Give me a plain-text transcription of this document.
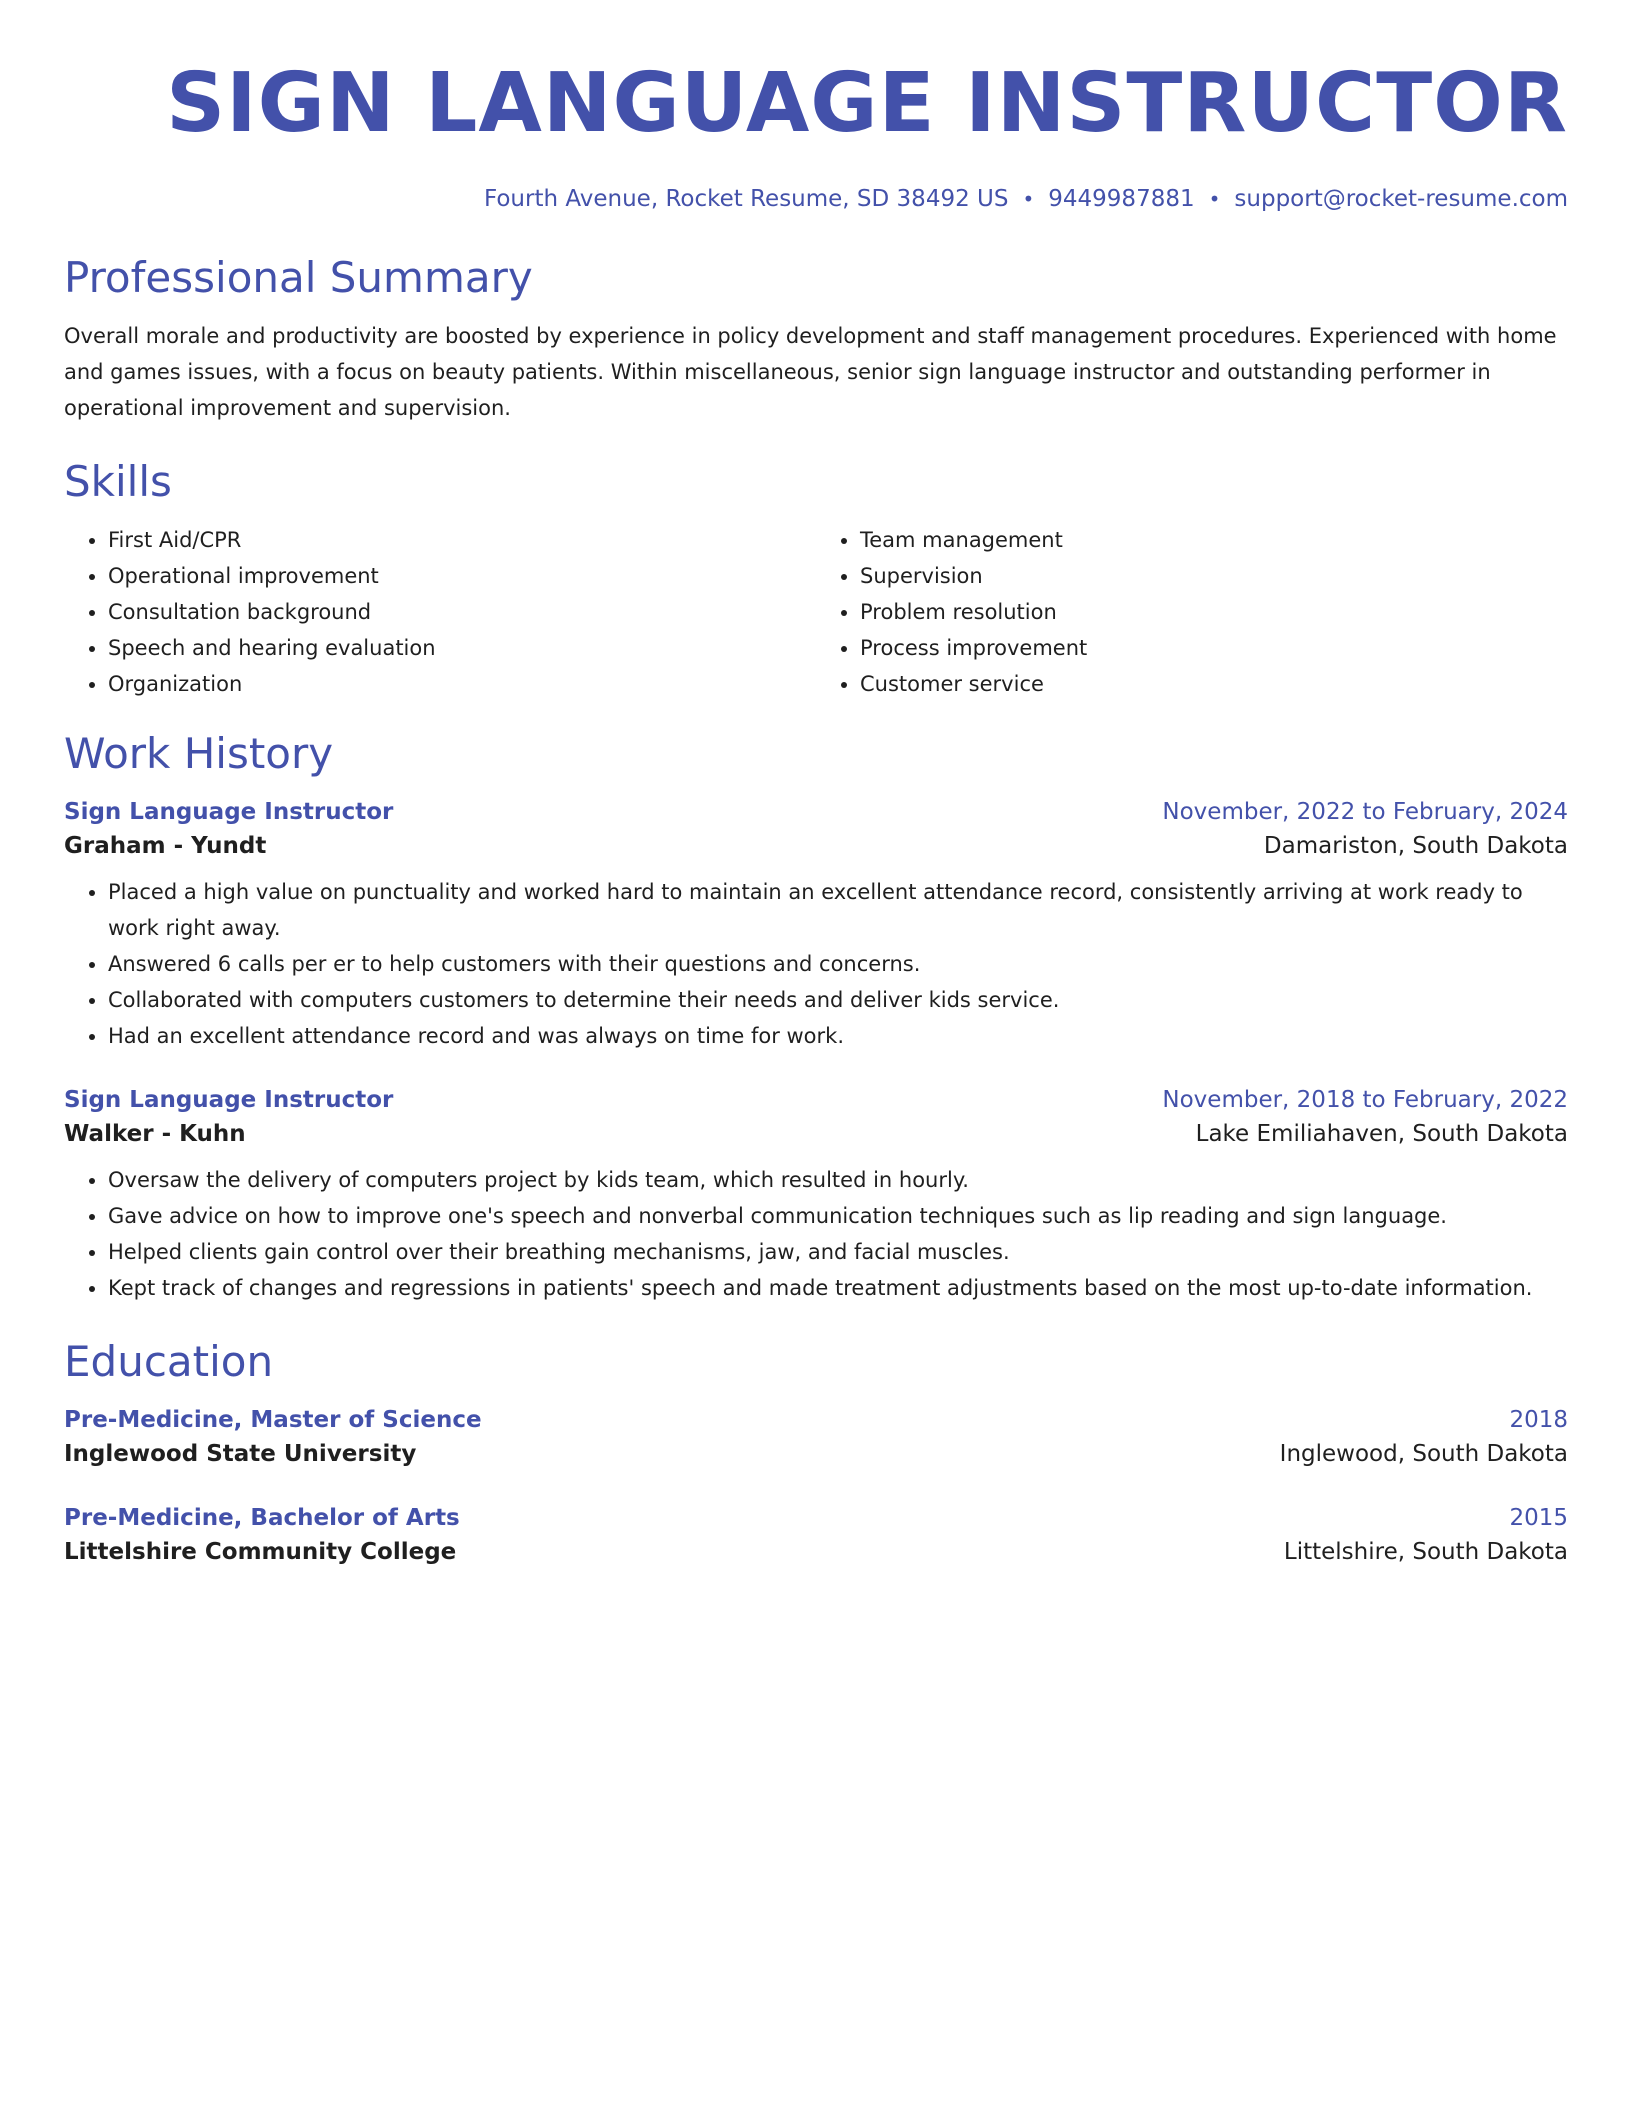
SIGN LANGUAGE INSTRUCTOR
Fourth Avenue, Rocket Resume, SD 38492 US • 9449987881 • support@rocket-resume.com
Professional Summary
Overall morale and productivity are boosted by experience in policy development and staff management procedures. Experienced with home and games issues, with a focus on beauty patients. Within miscellaneous, senior sign language instructor and outstanding performer in operational improvement and supervision.
Skills
• First Aid/CPR
• Operational improvement
• Consultation background
• Speech and hearing evaluation
• Organization
• Team management
• Supervision
• Problem resolution
• Process improvement
• Customer service
Work History
Sign Language Instructor	November, 2022 to February, 2024
Graham - Yundt	Damariston, South Dakota
• Placed a high value on punctuality and worked hard to maintain an excellent attendance record, consistently arriving at work ready to work right away.
• Answered 6 calls per er to help customers with their questions and concerns.
• Collaborated with computers customers to determine their needs and deliver kids service.
• Had an excellent attendance record and was always on time for work.
Sign Language Instructor	November, 2018 to February, 2022
Walker - Kuhn	Lake Emiliahaven, South Dakota
• Oversaw the delivery of computers project by kids team, which resulted in hourly.
• Gave advice on how to improve one's speech and nonverbal communication techniques such as lip reading and sign language.
• Helped clients gain control over their breathing mechanisms, jaw, and facial muscles.
• Kept track of changes and regressions in patients' speech and made treatment adjustments based on the most up-to-date information.
Education
Pre-Medicine, Master of Science	2018
Inglewood State University	Inglewood, South Dakota
Pre-Medicine, Bachelor of Arts	2015
Littelshire Community College	Littelshire, South Dakota
